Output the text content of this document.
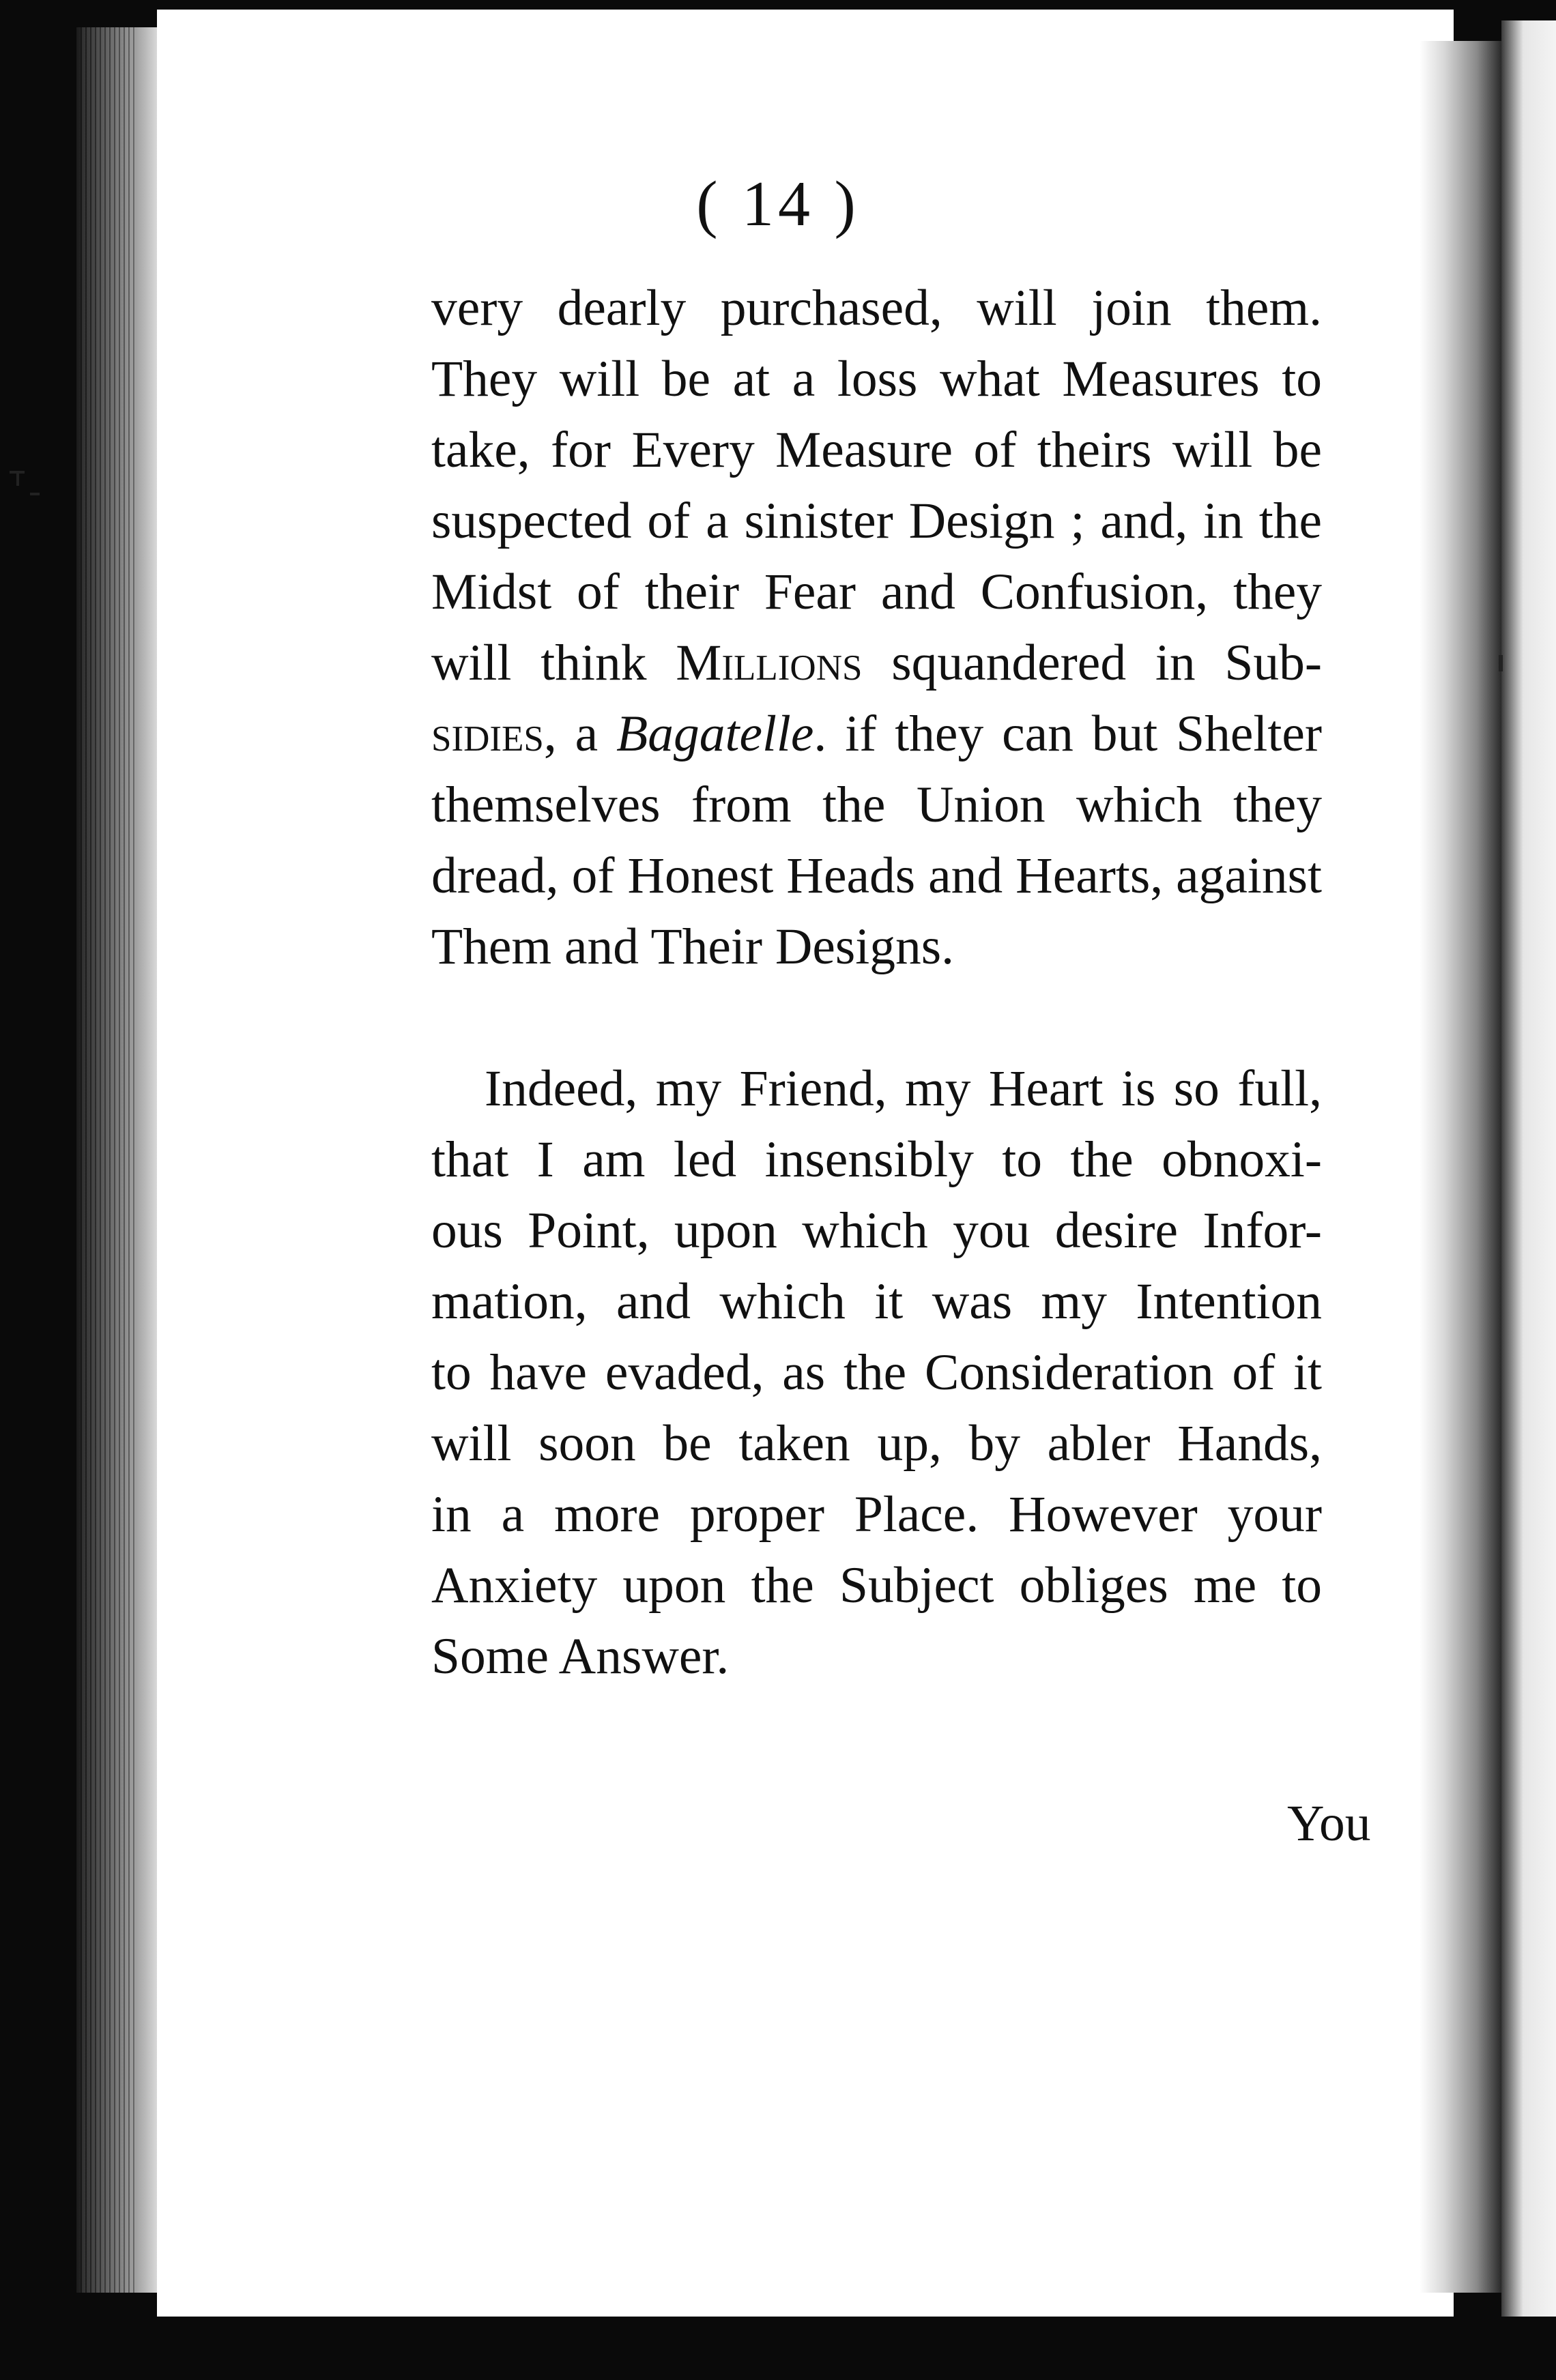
( 14 )
very dearly purchased, will join them.
They will be at a loss what Measures to
take, for Every Measure of theirs will be
suspected of a sinister Design ; and, in the
Midst of their Fear and Confusion, they
will think Millions squandered in Sub-
sidies, a Bagatelle. if they can but Shelter
themselves from the Union which they
dread, of Honest Heads and Hearts, against
Them and Their Designs.
Indeed, my Friend, my Heart is so full,
that I am led insensibly to the obnoxi-
ous Point, upon which you desire Infor-
mation, and which it was my Intention
to have evaded, as the Consideration of it
will soon be taken up, by abler Hands,
in a more proper Place. However your
Anxiety upon the Subject obliges me to
Some Answer.
You
